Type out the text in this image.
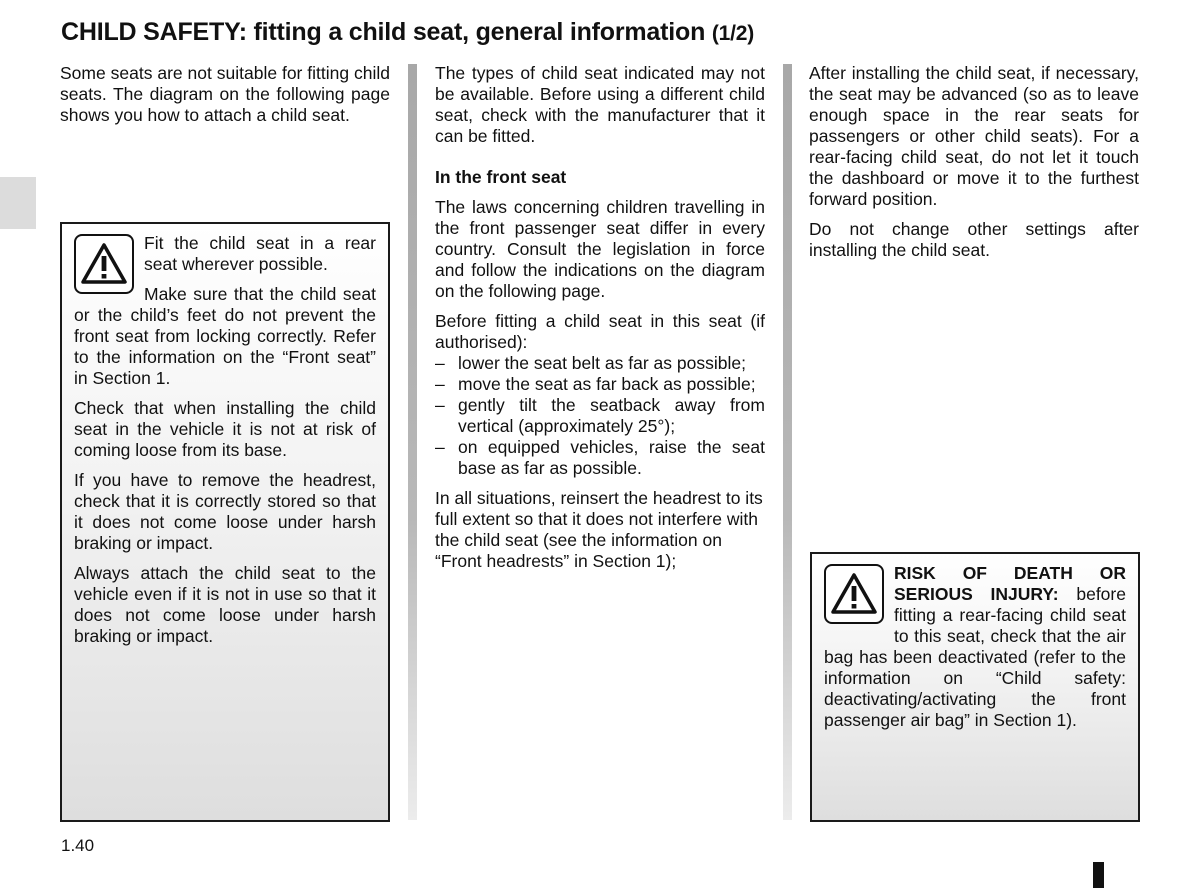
CHILD SAFETY: fitting a child seat, general information (1/2)

Some seats are not suitable for fitting child seats. The diagram on the following page shows you how to attach a child seat.

Fit the child seat in a rear seat wherever possible.

Make sure that the child seat or the child’s feet do not prevent the front seat from locking correctly. Refer to the information on the “Front seat” in Section 1.

Check that when installing the child seat in the vehicle it is not at risk of coming loose from its base.

If you have to remove the headrest, check that it is correctly stored so that it does not come loose under harsh braking or impact.

Always attach the child seat to the vehicle even if it is not in use so that it does not come loose under harsh braking or impact.

The types of child seat indicated may not be available. Before using a different child seat, check with the manufacturer that it can be fitted.

In the front seat

The laws concerning children travelling in the front passenger seat differ in every country. Consult the legislation in force and follow the indications on the diagram on the following page.

Before fitting a child seat in this seat (if authorised):

– lower the seat belt as far as possible;
– move the seat as far back as possible;
– gently tilt the seatback away from vertical (approximately 25°);
– on equipped vehicles, raise the seat base as far as possible.

In all situations, reinsert the headrest to its full extent so that it does not interfere with the child seat (see the information on “Front headrests” in Section 1);

After installing the child seat, if necessary, the seat may be advanced (so as to leave enough space in the rear seats for passengers or other child seats). For a rear-facing child seat, do not let it touch the dashboard or move it to the furthest forward position.

Do not change other settings after installing the child seat.

RISK OF DEATH OR SERIOUS INJURY: before fitting a rear-facing child seat to this seat, check that the air bag has been deactivated (refer to the information on “Child safety: deactivating/activating the front passenger air bag” in Section 1).

1.40
